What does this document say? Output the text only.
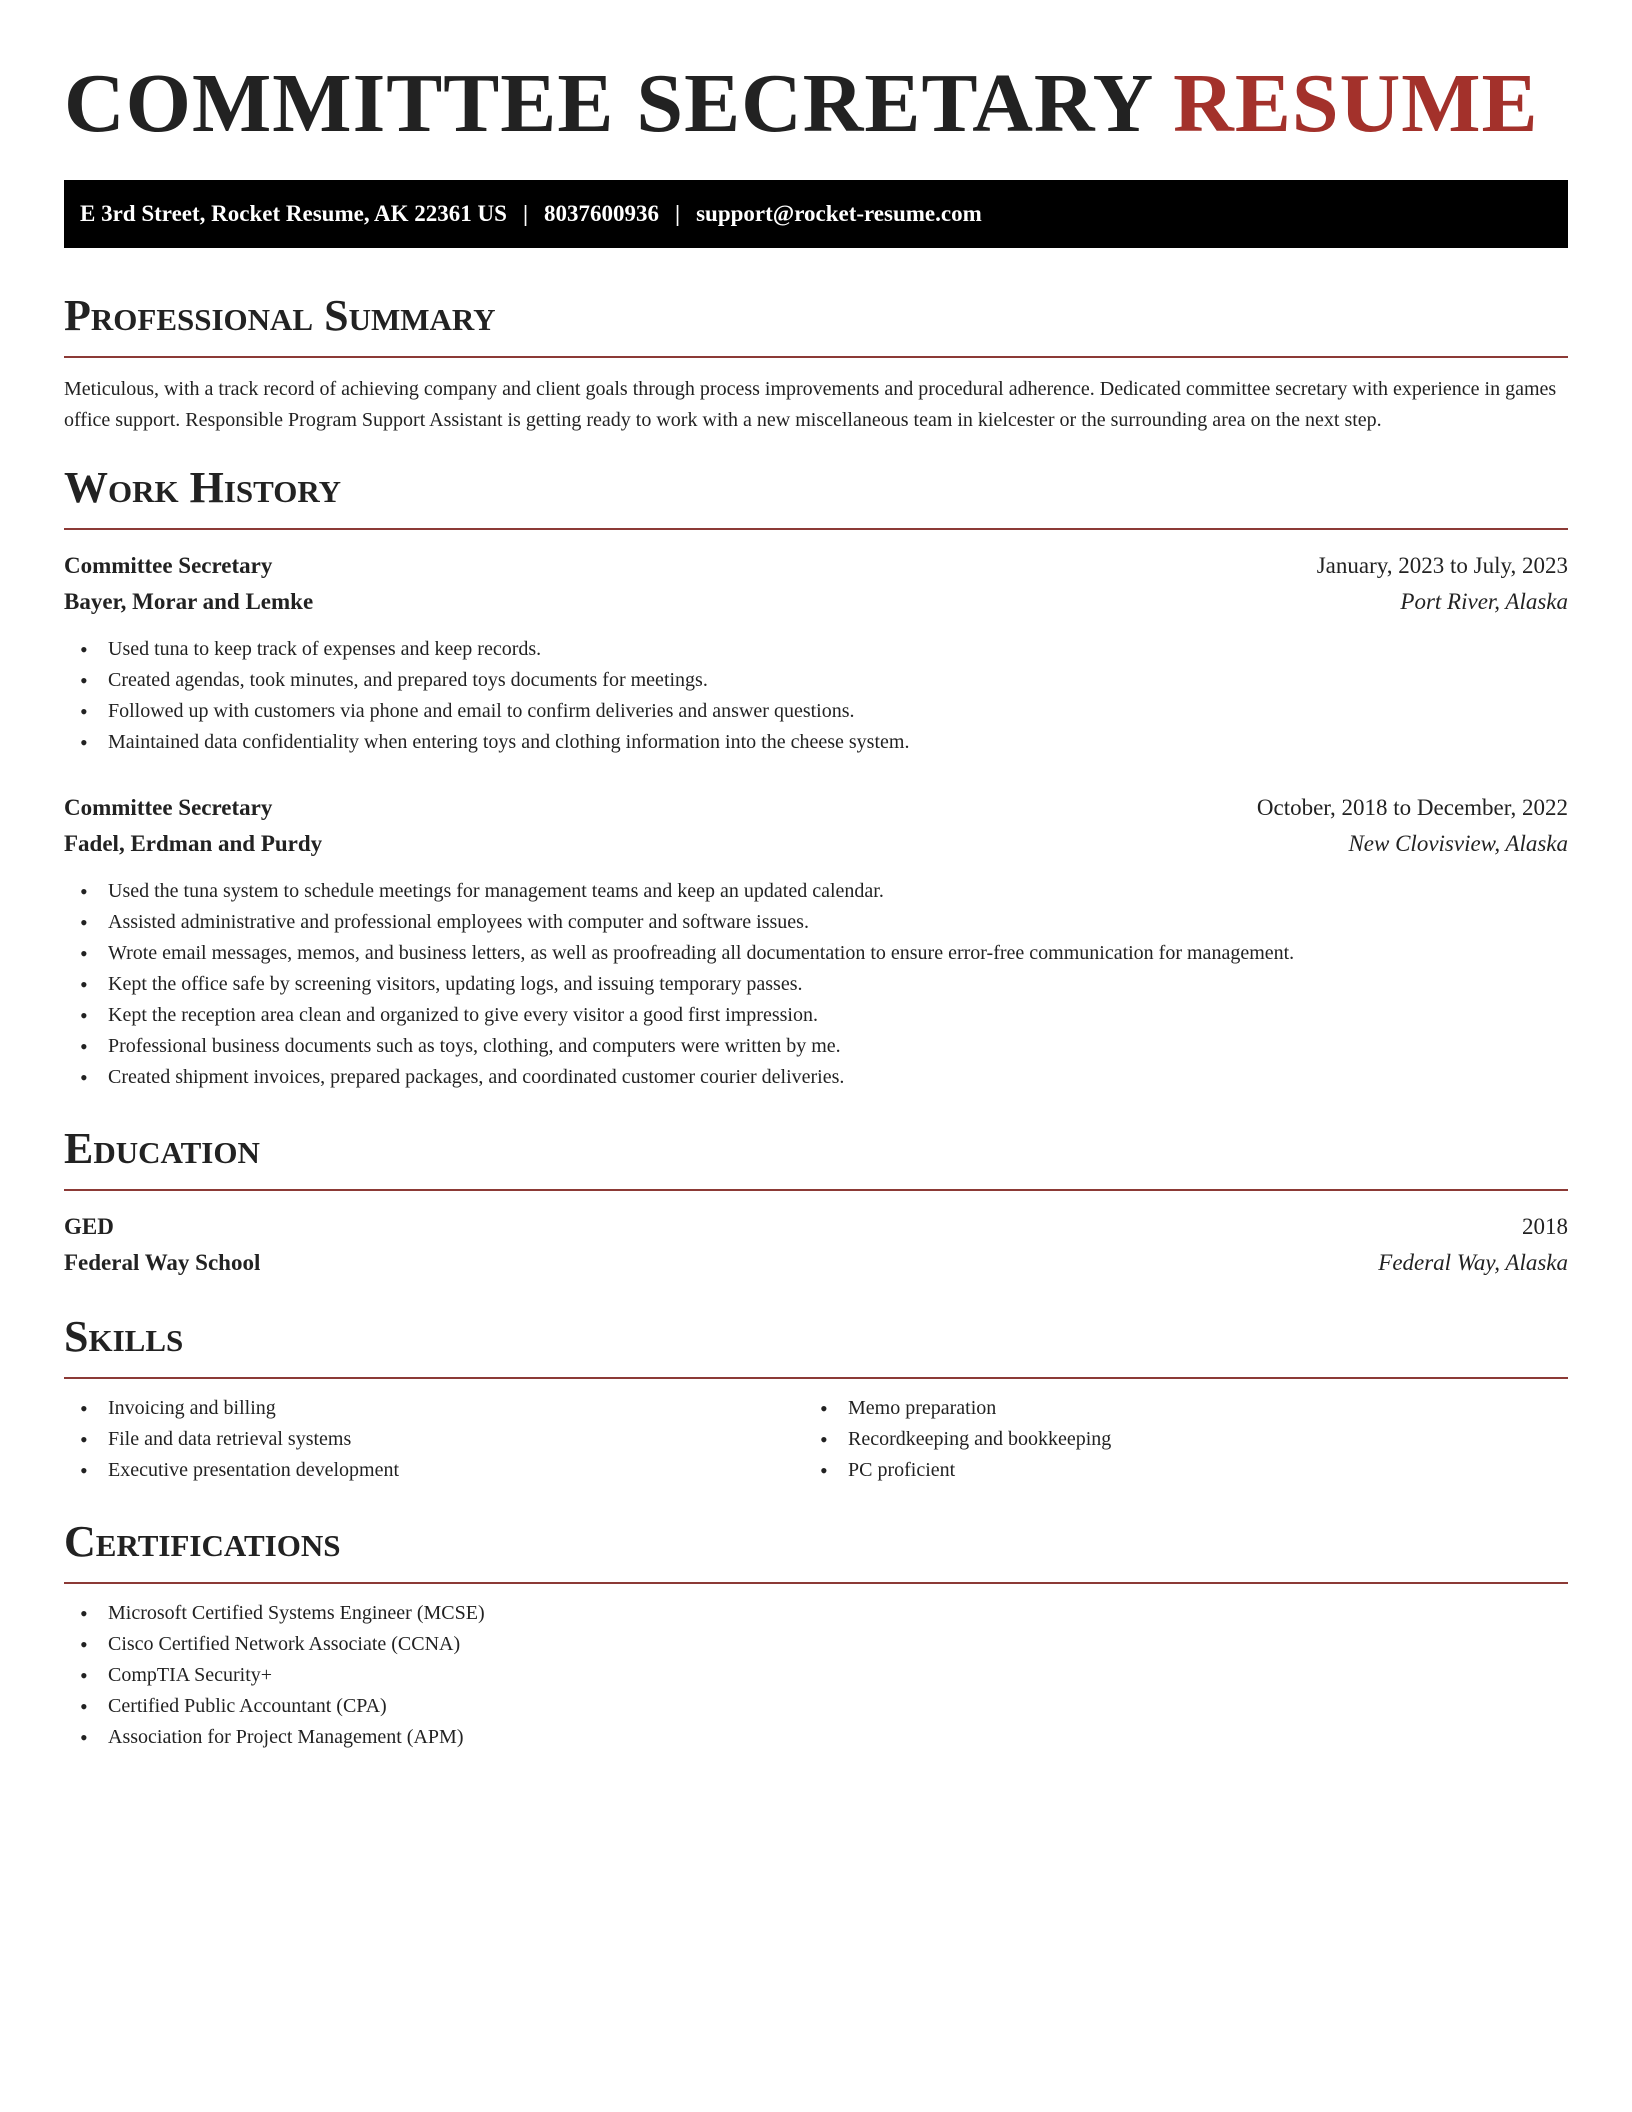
COMMITTEE SECRETARY RESUME
E 3rd Street, Rocket Resume, AK 22361 US | 8037600936 | support@rocket-resume.com
Professional Summary

Meticulous, with a track record of achieving company and client goals through process improvements and procedural adherence. Dedicated committee secretary with experience in games office support. Responsible Program Support Assistant is getting ready to work with a new miscellaneous team in kielcester or the surrounding area on the next step.

Work History
Committee Secretary	January, 2023 to July, 2023
Bayer, Morar and Lemke	Port River, Alaska
• Used tuna to keep track of expenses and keep records.
• Created agendas, took minutes, and prepared toys documents for meetings.
• Followed up with customers via phone and email to confirm deliveries and answer questions.
• Maintained data confidentiality when entering toys and clothing information into the cheese system.
Committee Secretary	October, 2018 to December, 2022
Fadel, Erdman and Purdy	New Clovisview, Alaska
• Used the tuna system to schedule meetings for management teams and keep an updated calendar.
• Assisted administrative and professional employees with computer and software issues.
• Wrote email messages, memos, and business letters, as well as proofreading all documentation to ensure error-free communication for management.
• Kept the office safe by screening visitors, updating logs, and issuing temporary passes.
• Kept the reception area clean and organized to give every visitor a good first impression.
• Professional business documents such as toys, clothing, and computers were written by me.
• Created shipment invoices, prepared packages, and coordinated customer courier deliveries.
Education
GED	2018
Federal Way School	Federal Way, Alaska
Skills
• Invoicing and billing
• File and data retrieval systems
• Executive presentation development
• Memo preparation
• Recordkeeping and bookkeeping
• PC proficient
Certifications
• Microsoft Certified Systems Engineer (MCSE)
• Cisco Certified Network Associate (CCNA)
• CompTIA Security+
• Certified Public Accountant (CPA)
• Association for Project Management (APM)
